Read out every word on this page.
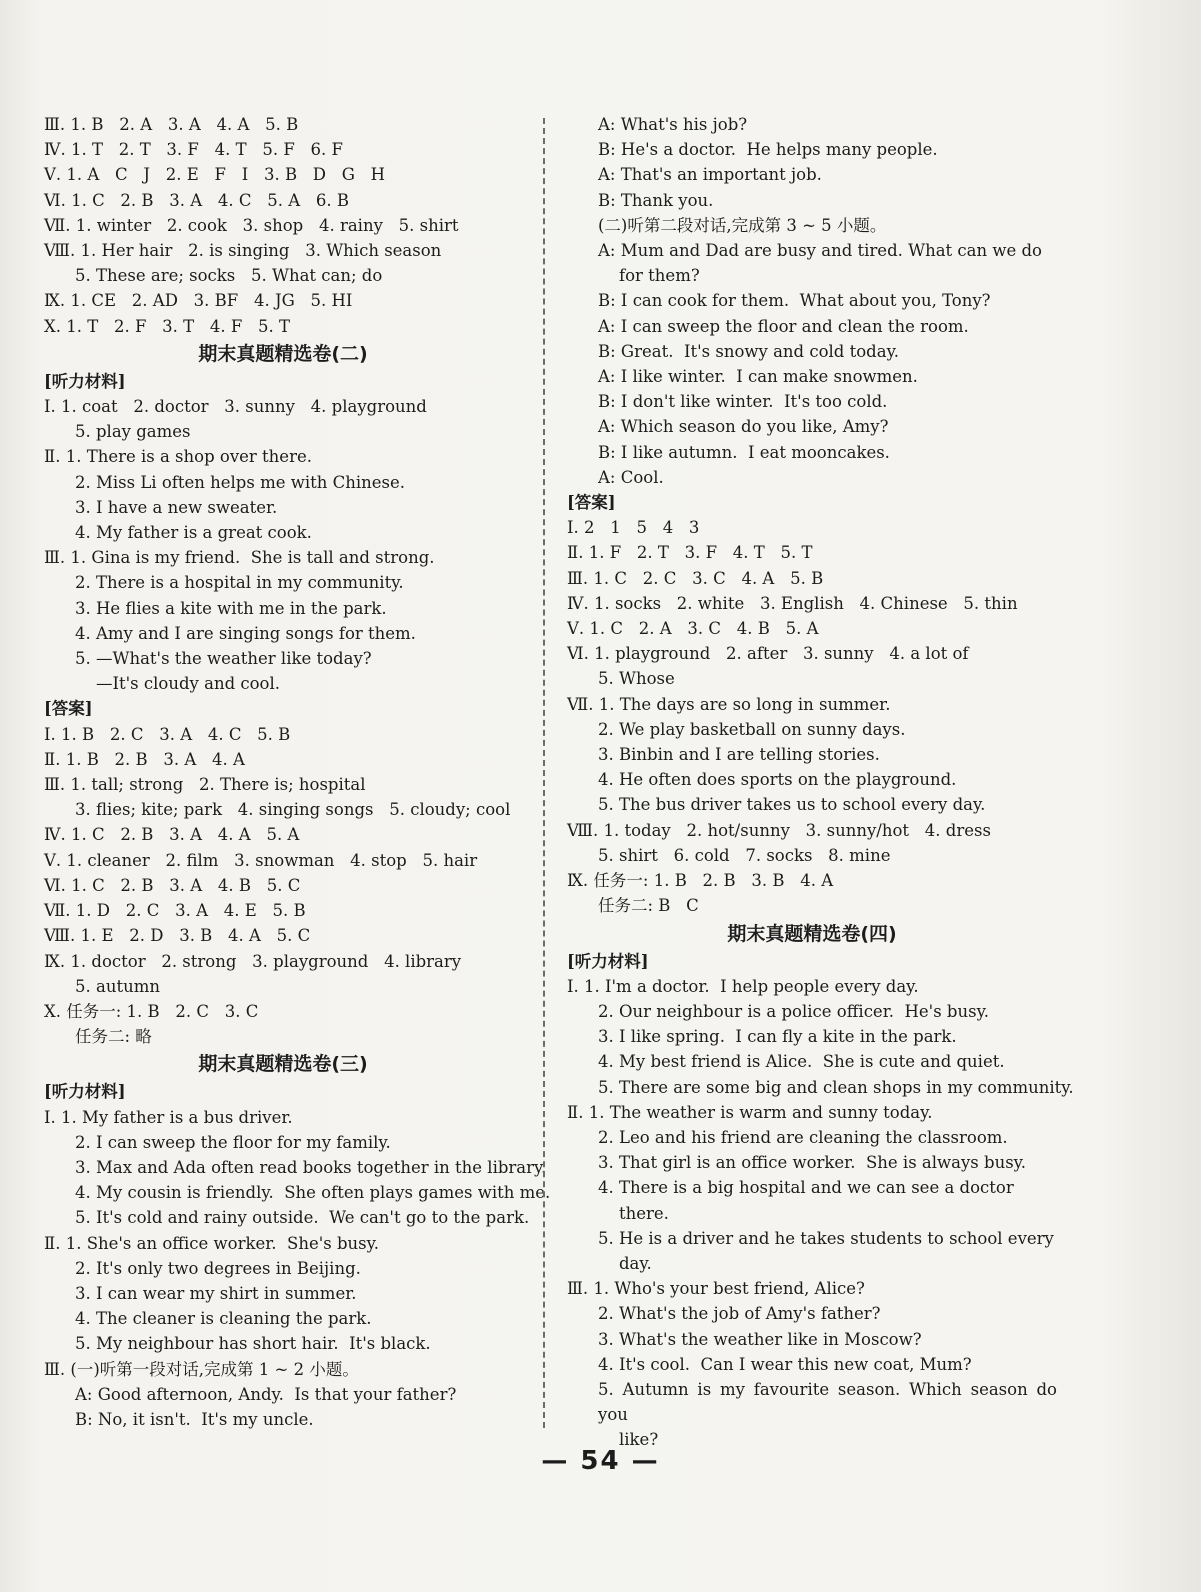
Ⅲ. 1. B   2. A   3. A   4. A   5. B
Ⅳ. 1. T   2. T   3. F   4. T   5. F   6. F
Ⅴ. 1. A   C   J   2. E   F   I   3. B   D   G   H
Ⅵ. 1. C   2. B   3. A   4. C   5. A   6. B
Ⅶ. 1. winter   2. cook   3. shop   4. rainy   5. shirt
Ⅷ. 1. Her hair   2. is singing   3. Which season
5. These are; socks   5. What can; do
Ⅸ. 1. CE   2. AD   3. BF   4. JG   5. HI
Ⅹ. 1. T   2. F   3. T   4. F   5. T
期末真题精选卷(二)
[听力材料]
Ⅰ. 1. coat   2. doctor   3. sunny   4. playground
5. play games
Ⅱ. 1. There is a shop over there.
2. Miss Li often helps me with Chinese.
3. I have a new sweater.
4. My father is a great cook.
Ⅲ. 1. Gina is my friend.  She is tall and strong.
2. There is a hospital in my community.
3. He flies a kite with me in the park.
4. Amy and I are singing songs for them.
5. —What's the weather like today?
—It's cloudy and cool.
[答案]
Ⅰ. 1. B   2. C   3. A   4. C   5. B
Ⅱ. 1. B   2. B   3. A   4. A
Ⅲ. 1. tall; strong   2. There is; hospital
3. flies; kite; park   4. singing songs   5. cloudy; cool
Ⅳ. 1. C   2. B   3. A   4. A   5. A
Ⅴ. 1. cleaner   2. film   3. snowman   4. stop   5. hair
Ⅵ. 1. C   2. B   3. A   4. B   5. C
Ⅶ. 1. D   2. C   3. A   4. E   5. B
Ⅷ. 1. E   2. D   3. B   4. A   5. C
Ⅸ. 1. doctor   2. strong   3. playground   4. library
5. autumn
Ⅹ. 任务一: 1. B   2. C   3. C
任务二: 略
期末真题精选卷(三)
[听力材料]
Ⅰ. 1. My father is a bus driver.
2. I can sweep the floor for my family.
3. Max and Ada often read books together in the library.
4. My cousin is friendly.  She often plays games with me.
5. It's cold and rainy outside.  We can't go to the park.
Ⅱ. 1. She's an office worker.  She's busy.
2. It's only two degrees in Beijing.
3. I can wear my shirt in summer.
4. The cleaner is cleaning the park.
5. My neighbour has short hair.  It's black.
Ⅲ. (一)听第一段对话,完成第 1 ~ 2 小题。
A: Good afternoon, Andy.  Is that your father?
B: No, it isn't.  It's my uncle.
A: What's his job?
B: He's a doctor.  He helps many people.
A: That's an important job.
B: Thank you.
(二)听第二段对话,完成第 3 ~ 5 小题。
A: Mum and Dad are busy and tired. What can we do
for them?
B: I can cook for them.  What about you, Tony?
A: I can sweep the floor and clean the room.
B: Great.  It's snowy and cold today.
A: I like winter.  I can make snowmen.
B: I don't like winter.  It's too cold.
A: Which season do you like, Amy?
B: I like autumn.  I eat mooncakes.
A: Cool.
[答案]
Ⅰ. 2   1   5   4   3
Ⅱ. 1. F   2. T   3. F   4. T   5. T
Ⅲ. 1. C   2. C   3. C   4. A   5. B
Ⅳ. 1. socks   2. white   3. English   4. Chinese   5. thin
Ⅴ. 1. C   2. A   3. C   4. B   5. A
Ⅵ. 1. playground   2. after   3. sunny   4. a lot of
5. Whose
Ⅶ. 1. The days are so long in summer.
2. We play basketball on sunny days.
3. Binbin and I are telling stories.
4. He often does sports on the playground.
5. The bus driver takes us to school every day.
Ⅷ. 1. today   2. hot/sunny   3. sunny/hot   4. dress
5. shirt   6. cold   7. socks   8. mine
Ⅸ. 任务一: 1. B   2. B   3. B   4. A
任务二: B   C
期末真题精选卷(四)
[听力材料]
Ⅰ. 1. I'm a doctor.  I help people every day.
2. Our neighbour is a police officer.  He's busy.
3. I like spring.  I can fly a kite in the park.
4. My best friend is Alice.  She is cute and quiet.
5. There are some big and clean shops in my community.
Ⅱ. 1. The weather is warm and sunny today.
2. Leo and his friend are cleaning the classroom.
3. That girl is an office worker.  She is always busy.
4. There is a big hospital and we can see a doctor
there.
5. He is a driver and he takes students to school every
day.
Ⅲ. 1. Who's your best friend, Alice?
2. What's the job of Amy's father?
3. What's the weather like in Moscow?
4. It's cool.  Can I wear this new coat, Mum?
5. Autumn is my favourite season. Which season do you
like?
— 54 —
